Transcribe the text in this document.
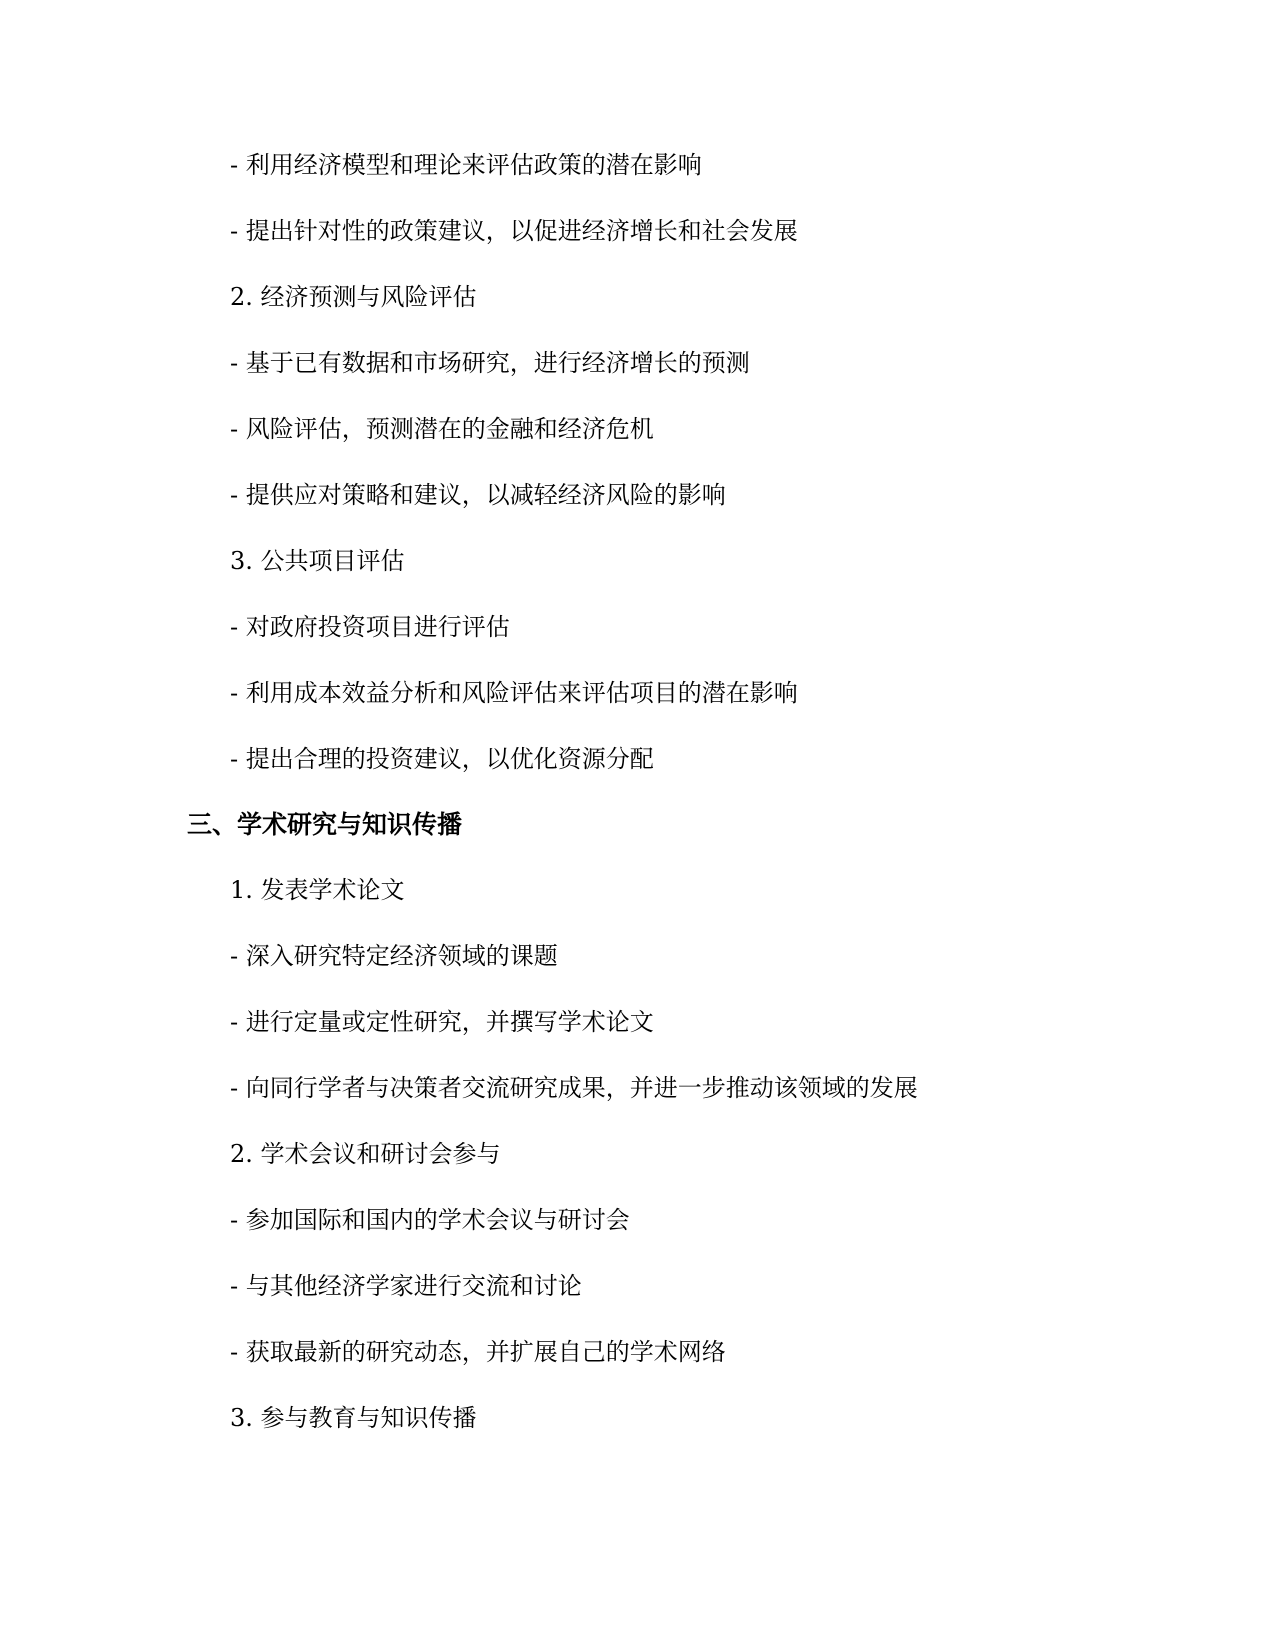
- 利用经济模型和理论来评估政策的潜在影响
- 提出针对性的政策建议，以促进经济增长和社会发展
2. 经济预测与风险评估
- 基于已有数据和市场研究，进行经济增长的预测
- 风险评估，预测潜在的金融和经济危机
- 提供应对策略和建议，以减轻经济风险的影响
3. 公共项目评估
- 对政府投资项目进行评估
- 利用成本效益分析和风险评估来评估项目的潜在影响
- 提出合理的投资建议，以优化资源分配
三、学术研究与知识传播
1. 发表学术论文
- 深入研究特定经济领域的课题
- 进行定量或定性研究，并撰写学术论文
- 向同行学者与决策者交流研究成果，并进一步推动该领域的发展
2. 学术会议和研讨会参与
- 参加国际和国内的学术会议与研讨会
- 与其他经济学家进行交流和讨论
- 获取最新的研究动态，并扩展自己的学术网络
3. 参与教育与知识传播
